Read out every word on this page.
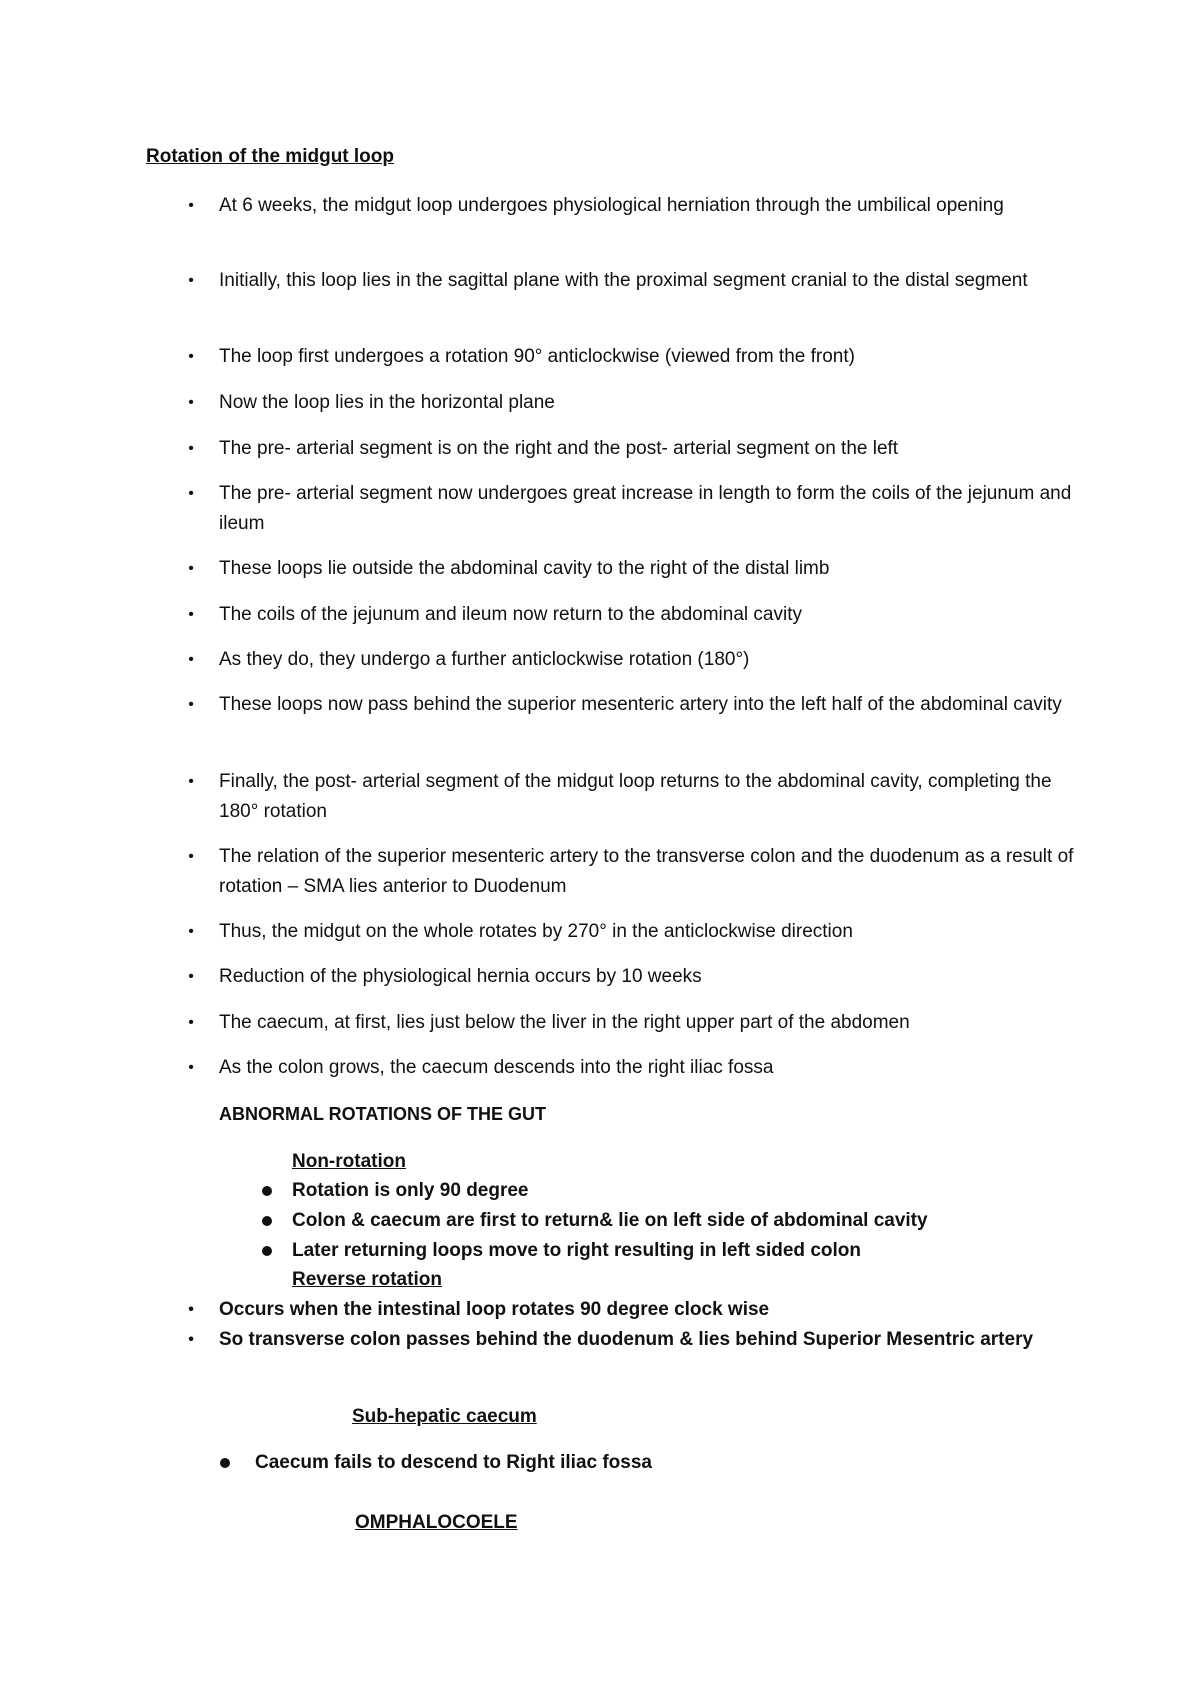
Rotation of the midgut loop
• At 6 weeks, the midgut loop undergoes physiological herniation through the umbilical opening
• Initially, this loop lies in the sagittal plane with the proximal segment cranial to the distal segment
• The loop first undergoes a rotation 90° anticlockwise (viewed from the front)
• Now the loop lies in the horizontal plane
• The pre- arterial segment is on the right and the post- arterial segment on the left
• The pre- arterial segment now undergoes great increase in length to form the coils of the jejunum and ileum
• These loops lie outside the abdominal cavity to the right of the distal limb
• The coils of the jejunum and ileum now return to the abdominal cavity
• As they do, they undergo a further anticlockwise rotation (180°)
• These loops now pass behind the superior mesenteric artery into the left half of the abdominal cavity
• Finally, the post- arterial segment of the midgut loop returns to the abdominal cavity, completing the 180° rotation
• The relation of the superior mesenteric artery to the transverse colon and the duodenum as a result of rotation – SMA lies anterior to Duodenum
• Thus, the midgut on the whole rotates by 270° in the anticlockwise direction
• Reduction of the physiological hernia occurs by 10 weeks
• The caecum, at first, lies just below the liver in the right upper part of the abdomen
• As the colon grows, the caecum descends into the right iliac fossa
ABNORMAL ROTATIONS OF THE GUT
Non-rotation
Rotation is only 90 degree
Colon & caecum are first to return& lie on left side of abdominal cavity
Later returning loops move to right resulting in left sided colon
Reverse rotation
• Occurs when the intestinal loop rotates 90 degree clock wise
• So transverse colon passes behind the duodenum & lies behind Superior Mesentric artery
Sub-hepatic caecum
Caecum fails to descend to Right iliac fossa
OMPHALOCOELE
